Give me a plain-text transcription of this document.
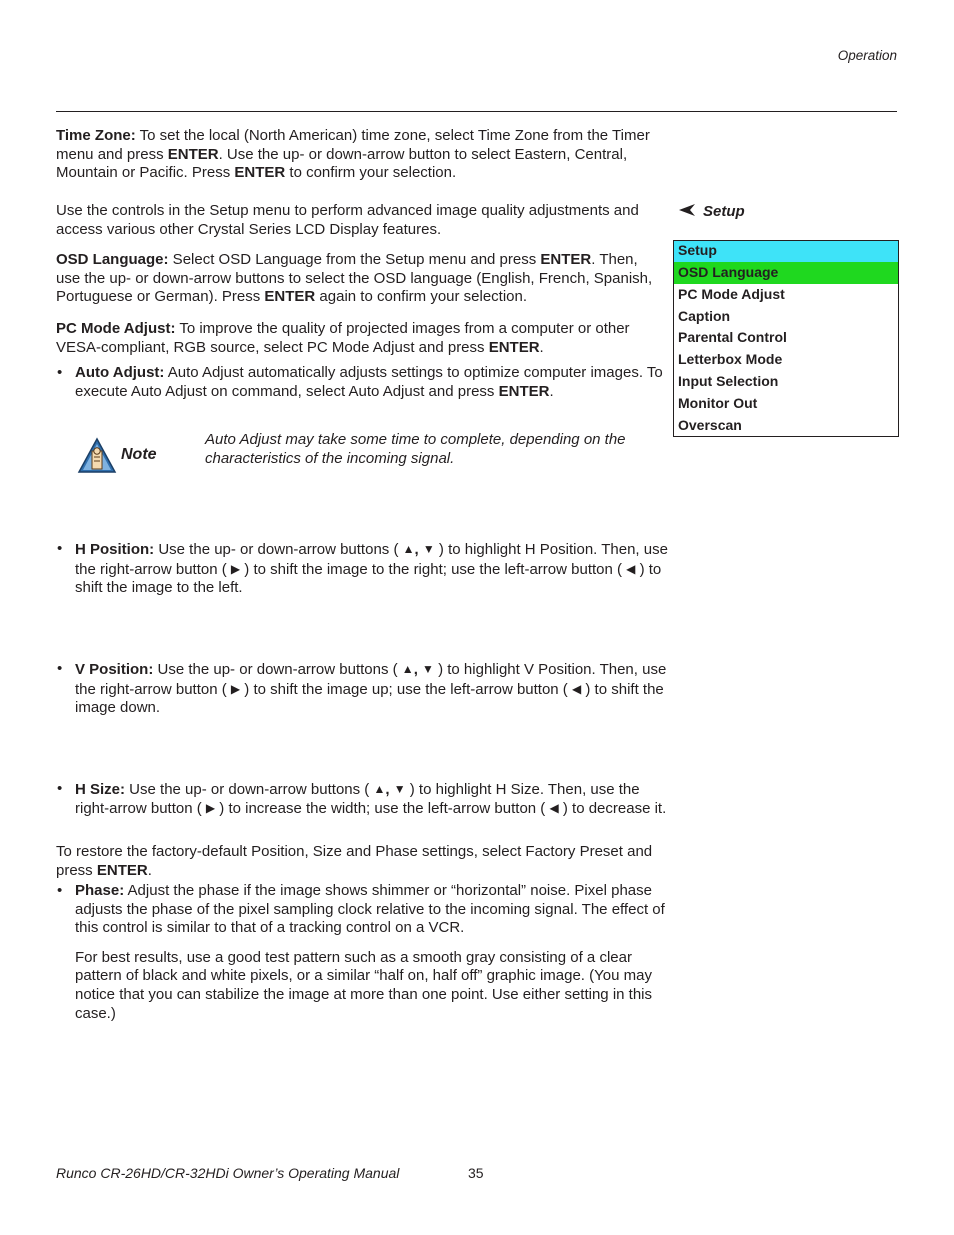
Operation

Time Zone: To set the local (North American) time zone, select Time Zone from the Timer menu and press ENTER. Use the up- or down-arrow button to select Eastern, Central, Mountain or Pacific. Press ENTER to confirm your selection.

Use the controls in the Setup menu to perform advanced image quality adjustments and access various other Crystal Series LCD Display features.

OSD Language: Select OSD Language from the Setup menu and press ENTER. Then, use the up- or down-arrow buttons to select the OSD language (English, French, Spanish, Portuguese or German). Press ENTER again to confirm your selection.

PC Mode Adjust: To improve the quality of projected images from a computer or other VESA-compliant, RGB source, select PC Mode Adjust and press ENTER.

• Auto Adjust: Auto Adjust automatically adjusts settings to optimize computer images. To execute Auto Adjust on command, select Auto Adjust and press ENTER.

Note

Auto Adjust may take some time to complete, depending on the characteristics of the incoming signal.

• H Position: Use the up- or down-arrow buttons ( ▲, ▼ ) to highlight H Position. Then, use the right-arrow button ( ▶ ) to shift the image to the right; use the left-arrow button ( ◀ ) to shift the image to the left.

• V Position: Use the up- or down-arrow buttons ( ▲, ▼ ) to highlight V Position. Then, use the right-arrow button ( ▶ ) to shift the image up; use the left-arrow button ( ◀ ) to shift the image down.

• H Size: Use the up- or down-arrow buttons ( ▲, ▼ ) to highlight H Size. Then, use the right-arrow button ( ▶ ) to increase the width; use the left-arrow button ( ◀ ) to decrease it.

• Phase: Adjust the phase if the image shows shimmer or “horizontal” noise. Pixel phase adjusts the phase of the pixel sampling clock relative to the incoming signal. The effect of this control is similar to that of a tracking control on a VCR.

For best results, use a good test pattern such as a smooth gray consisting of a clear pattern of black and white pixels, or a similar “half on, half off” graphic image. (You may notice that you can stabilize the image at more than one point. Use either setting in this case.)

To restore the factory-default Position, Size and Phase settings, select Factory Preset and press ENTER.

Setup
Setup
OSD Language
PC Mode Adjust
Caption
Parental Control
Letterbox Mode
Input Selection
Monitor Out
Overscan
Runco CR-26HD/CR-32HDi Owner’s Operating Manual	35
